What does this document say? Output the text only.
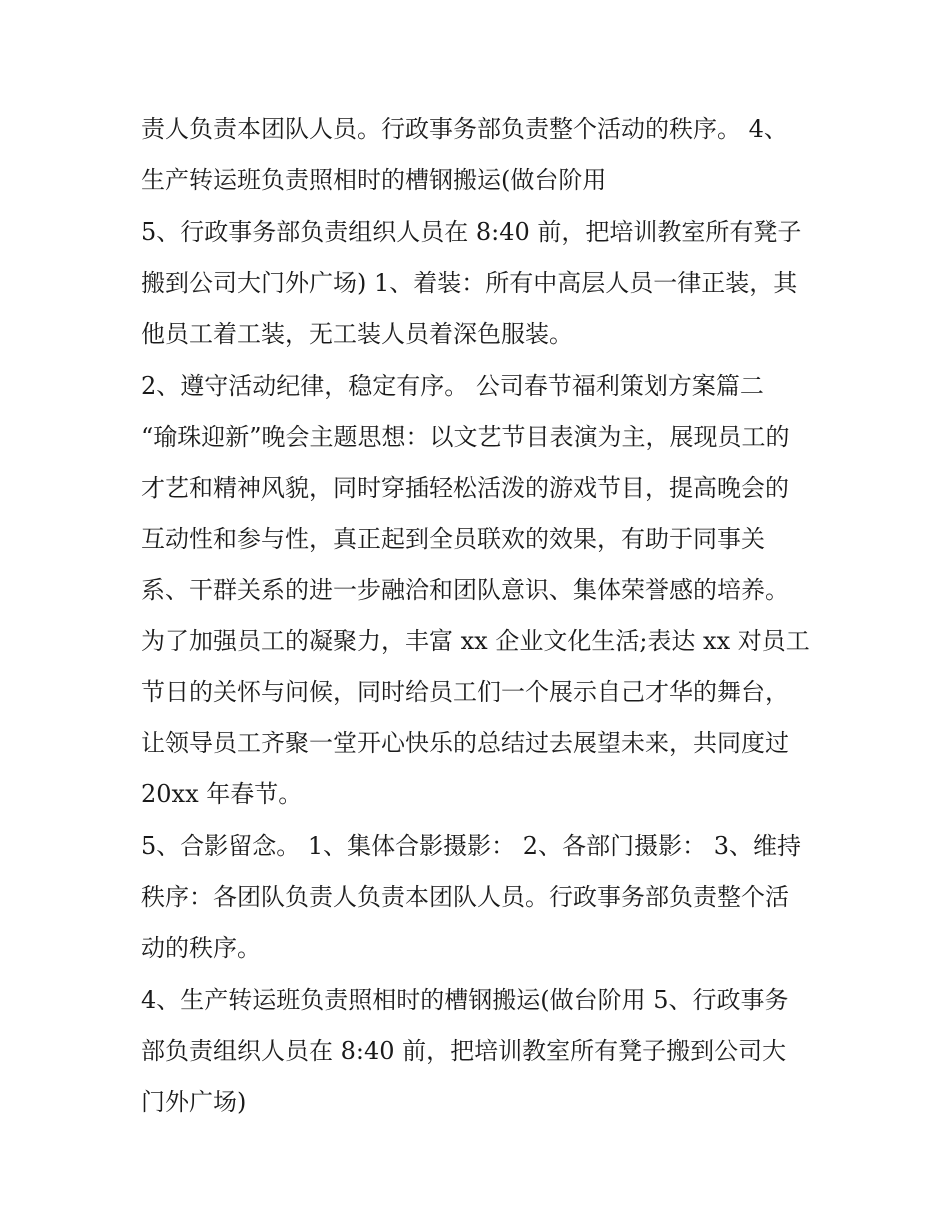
责人负责本团队人员。行政事务部负责整个活动的秩序。 4、
生产转运班负责照相时的槽钢搬运(做台阶用

5、行政事务部负责组织人员在 8:40 前，把培训教室所有凳子
搬到公司大门外广场) 1、着装：所有中高层人员一律正装，其
他员工着工装，无工装人员着深色服装。

2、遵守活动纪律，稳定有序。 公司春节福利策划方案篇二
“瑜珠迎新”晚会主题思想：以文艺节目表演为主，展现员工的
才艺和精神风貌，同时穿插轻松活泼的游戏节目，提高晚会的
互动性和参与性，真正起到全员联欢的效果，有助于同事关
系、干群关系的进一步融洽和团队意识、集体荣誉感的培养。
为了加强员工的凝聚力，丰富 xx 企业文化生活;表达 xx 对员工
节日的关怀与问候，同时给员工们一个展示自己才华的舞台，
让领导员工齐聚一堂开心快乐的总结过去展望未来，共同度过
20xx 年春节。

5、合影留念。 1、集体合影摄影： 2、各部门摄影： 3、维持
秩序：各团队负责人负责本团队人员。行政事务部负责整个活
动的秩序。

4、生产转运班负责照相时的槽钢搬运(做台阶用 5、行政事务
部负责组织人员在 8:40 前，把培训教室所有凳子搬到公司大
门外广场)
